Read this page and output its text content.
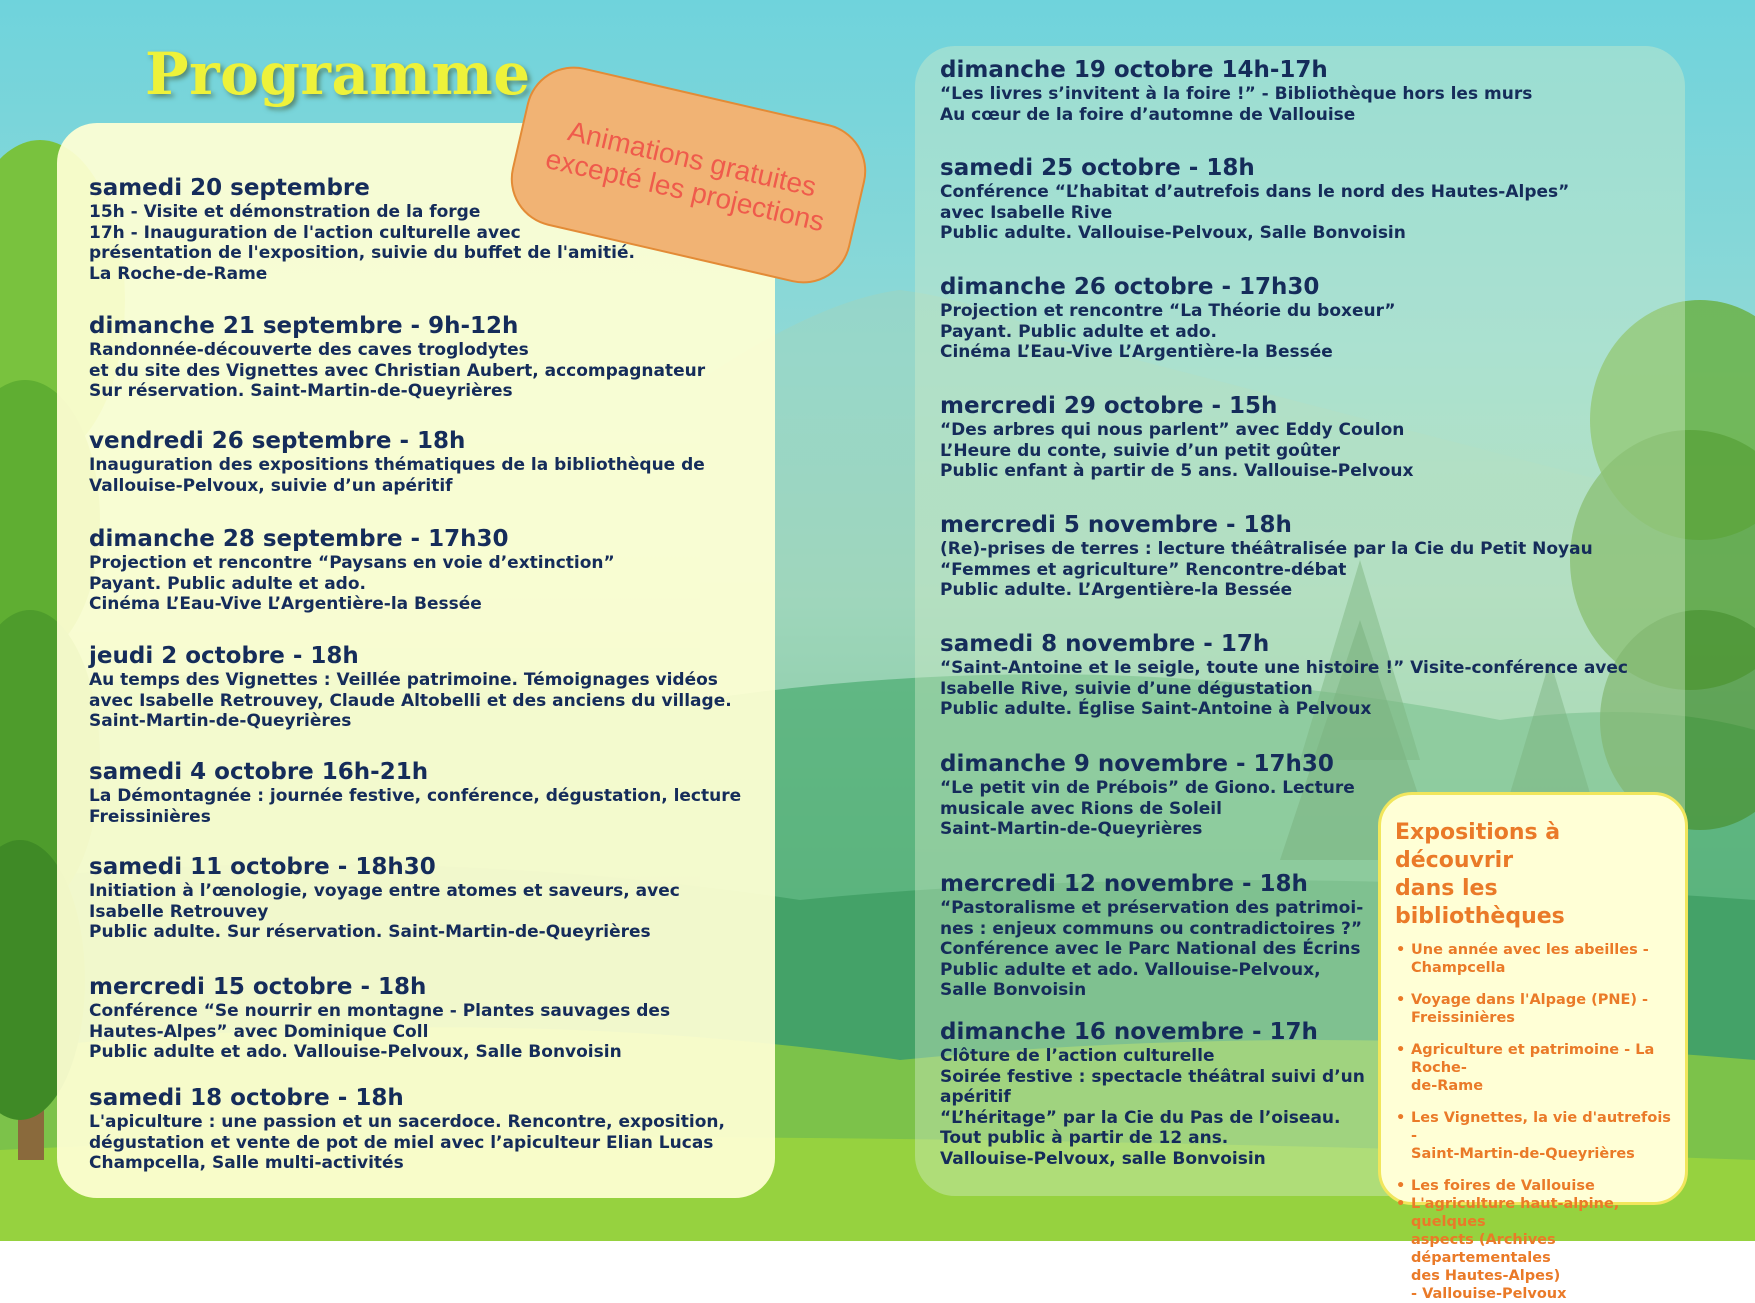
Programme
Animations gratuites excepté les projections
samedi 20 septembre
15h - Visite et démonstration de la forge
17h - Inauguration de l'action culturelle avec
présentation de l'exposition, suivie du buffet de l'amitié.
La Roche-de-Rame
dimanche 21 septembre - 9h-12h
Randonnée-découverte des caves troglodytes
et du site des Vignettes avec Christian Aubert, accompagnateur
Sur réservation. Saint-Martin-de-Queyrières
vendredi 26 septembre - 18h
Inauguration des expositions thématiques de la bibliothèque de
Vallouise-Pelvoux, suivie d’un apéritif
dimanche 28 septembre - 17h30
Projection et rencontre “Paysans en voie d’extinction”
Payant. Public adulte et ado.
Cinéma L’Eau-Vive L’Argentière-la Bessée
jeudi 2 octobre - 18h
Au temps des Vignettes : Veillée patrimoine. Témoignages vidéos
avec Isabelle Retrouvey, Claude Altobelli et des anciens du village.
Saint-Martin-de-Queyrières
samedi 4 octobre 16h-21h
La Démontagnée : journée festive, conférence, dégustation, lecture
Freissinières
samedi 11 octobre - 18h30
Initiation à l’œnologie, voyage entre atomes et saveurs, avec
Isabelle Retrouvey
Public adulte. Sur réservation. Saint-Martin-de-Queyrières
mercredi 15 octobre - 18h
Conférence “Se nourrir en montagne - Plantes sauvages des
Hautes-Alpes” avec Dominique Coll
Public adulte et ado. Vallouise-Pelvoux, Salle Bonvoisin
samedi 18 octobre - 18h
L'apiculture : une passion et un sacerdoce. Rencontre, exposition,
dégustation et vente de pot de miel avec l’apiculteur Elian Lucas
Champcella, Salle multi-activités
dimanche 19 octobre 14h-17h
“Les livres s’invitent à la foire !” - Bibliothèque hors les murs
Au cœur de la foire d’automne de Vallouise
samedi 25 octobre - 18h
Conférence “L’habitat d’autrefois dans le nord des Hautes-Alpes”
avec Isabelle Rive
Public adulte. Vallouise-Pelvoux, Salle Bonvoisin
dimanche 26 octobre - 17h30
Projection et rencontre “La Théorie du boxeur”
Payant. Public adulte et ado.
Cinéma L’Eau-Vive L’Argentière-la Bessée
mercredi 29 octobre - 15h
“Des arbres qui nous parlent” avec Eddy Coulon
L’Heure du conte, suivie d’un petit goûter
Public enfant à partir de 5 ans. Vallouise-Pelvoux
mercredi 5 novembre - 18h
(Re)-prises de terres : lecture théâtralisée par la Cie du Petit Noyau
“Femmes et agriculture” Rencontre-débat
Public adulte. L’Argentière-la Bessée
samedi 8 novembre - 17h
“Saint-Antoine et le seigle, toute une histoire !” Visite-conférence avec
Isabelle Rive, suivie d’une dégustation
Public adulte. Église Saint-Antoine à Pelvoux
dimanche 9 novembre - 17h30
“Le petit vin de Prébois” de Giono. Lecture
musicale avec Rions de Soleil
Saint-Martin-de-Queyrières
mercredi 12 novembre - 18h
“Pastoralisme et préservation des patrimoi-
nes : enjeux communs ou contradictoires ?”
Conférence avec le Parc National des Écrins
Public adulte et ado. Vallouise-Pelvoux,
Salle Bonvoisin
dimanche 16 novembre - 17h
Clôture de l’action culturelle
Soirée festive : spectacle théâtral suivi d’un
apéritif
“L’héritage” par la Cie du Pas de l’oiseau.
Tout public à partir de 12 ans.
Vallouise-Pelvoux, salle Bonvoisin
Expositions à découvrir
dans les bibliothèques
• Une année avec les abeilles -
Champcella
• Voyage dans l'Alpage (PNE) -
Freissinières
• Agriculture et patrimoine - La Roche-
de-Rame
• Les Vignettes, la vie d'autrefois -
Saint-Martin-de-Queyrières
• Les foires de Vallouise
• L'agriculture haut-alpine, quelques
aspects (Archives départementales
des Hautes-Alpes)
- Vallouise-Pelvoux
